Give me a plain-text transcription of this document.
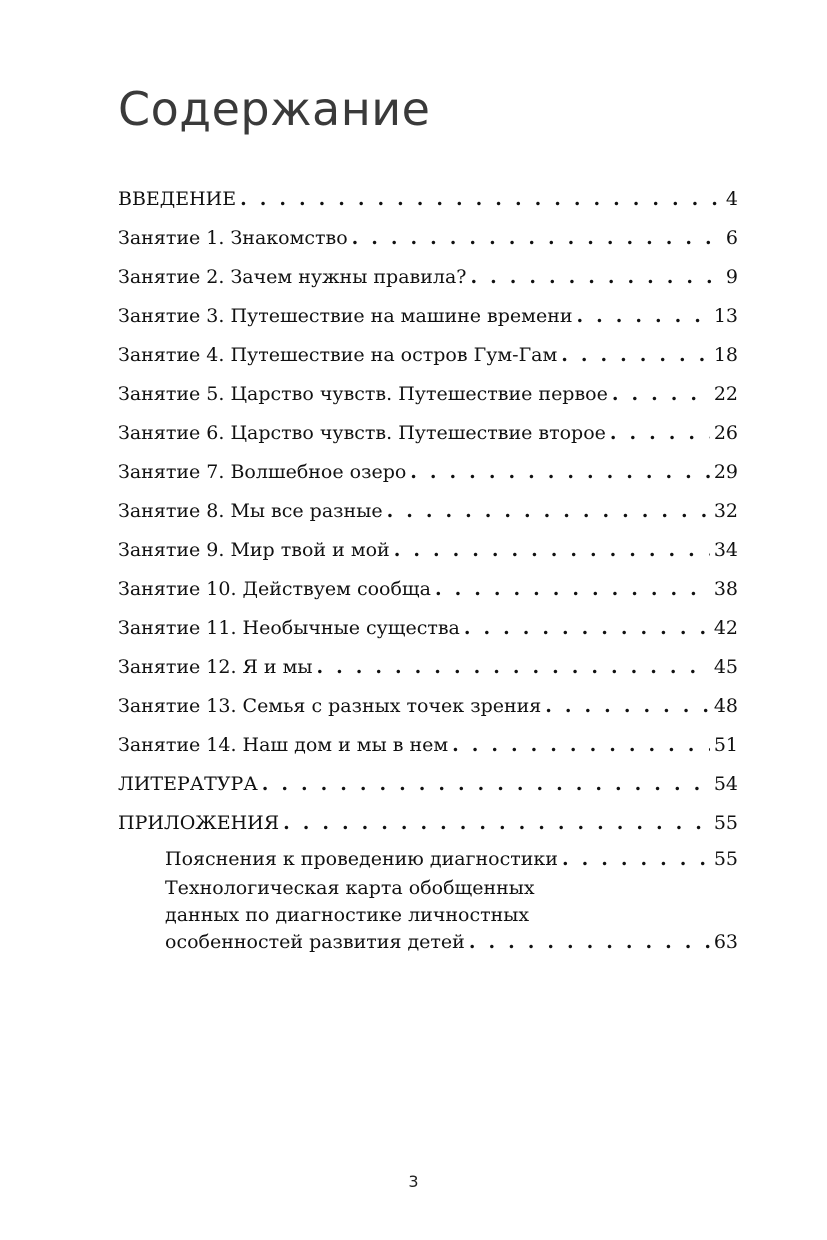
Содержание
ВВЕДЕНИЕ . . .	4
Занятие 1. Знакомство . . .	6
Занятие 2. Зачем нужны правила? . . .	9
Занятие 3. Путешествие на машине времени . . .	13
Занятие 4. Путешествие на остров Гум-Гам . . .	18
Занятие 5. Царство чувств. Путешествие первое . . .	22
Занятие 6. Царство чувств. Путешествие второе . . .	26
Занятие 7. Волшебное озеро . . .	29
Занятие 8. Мы все разные . . .	32
Занятие 9. Мир твой и мой . . .	34
Занятие 10. Действуем сообща . . .	38
Занятие 11. Необычные существа . . .	42
Занятие 12. Я и мы . . .	45
Занятие 13. Семья с разных точек зрения . . .	48
Занятие 14. Наш дом и мы в нем . . .	51
ЛИТЕРАТУРА . . .	54
ПРИЛОЖЕНИЯ . . .	55
Пояснения к проведению диагностики . . .	55
Технологическая карта обобщенных
данных по диагностике личностных
особенностей развития детей . . .	63
3
